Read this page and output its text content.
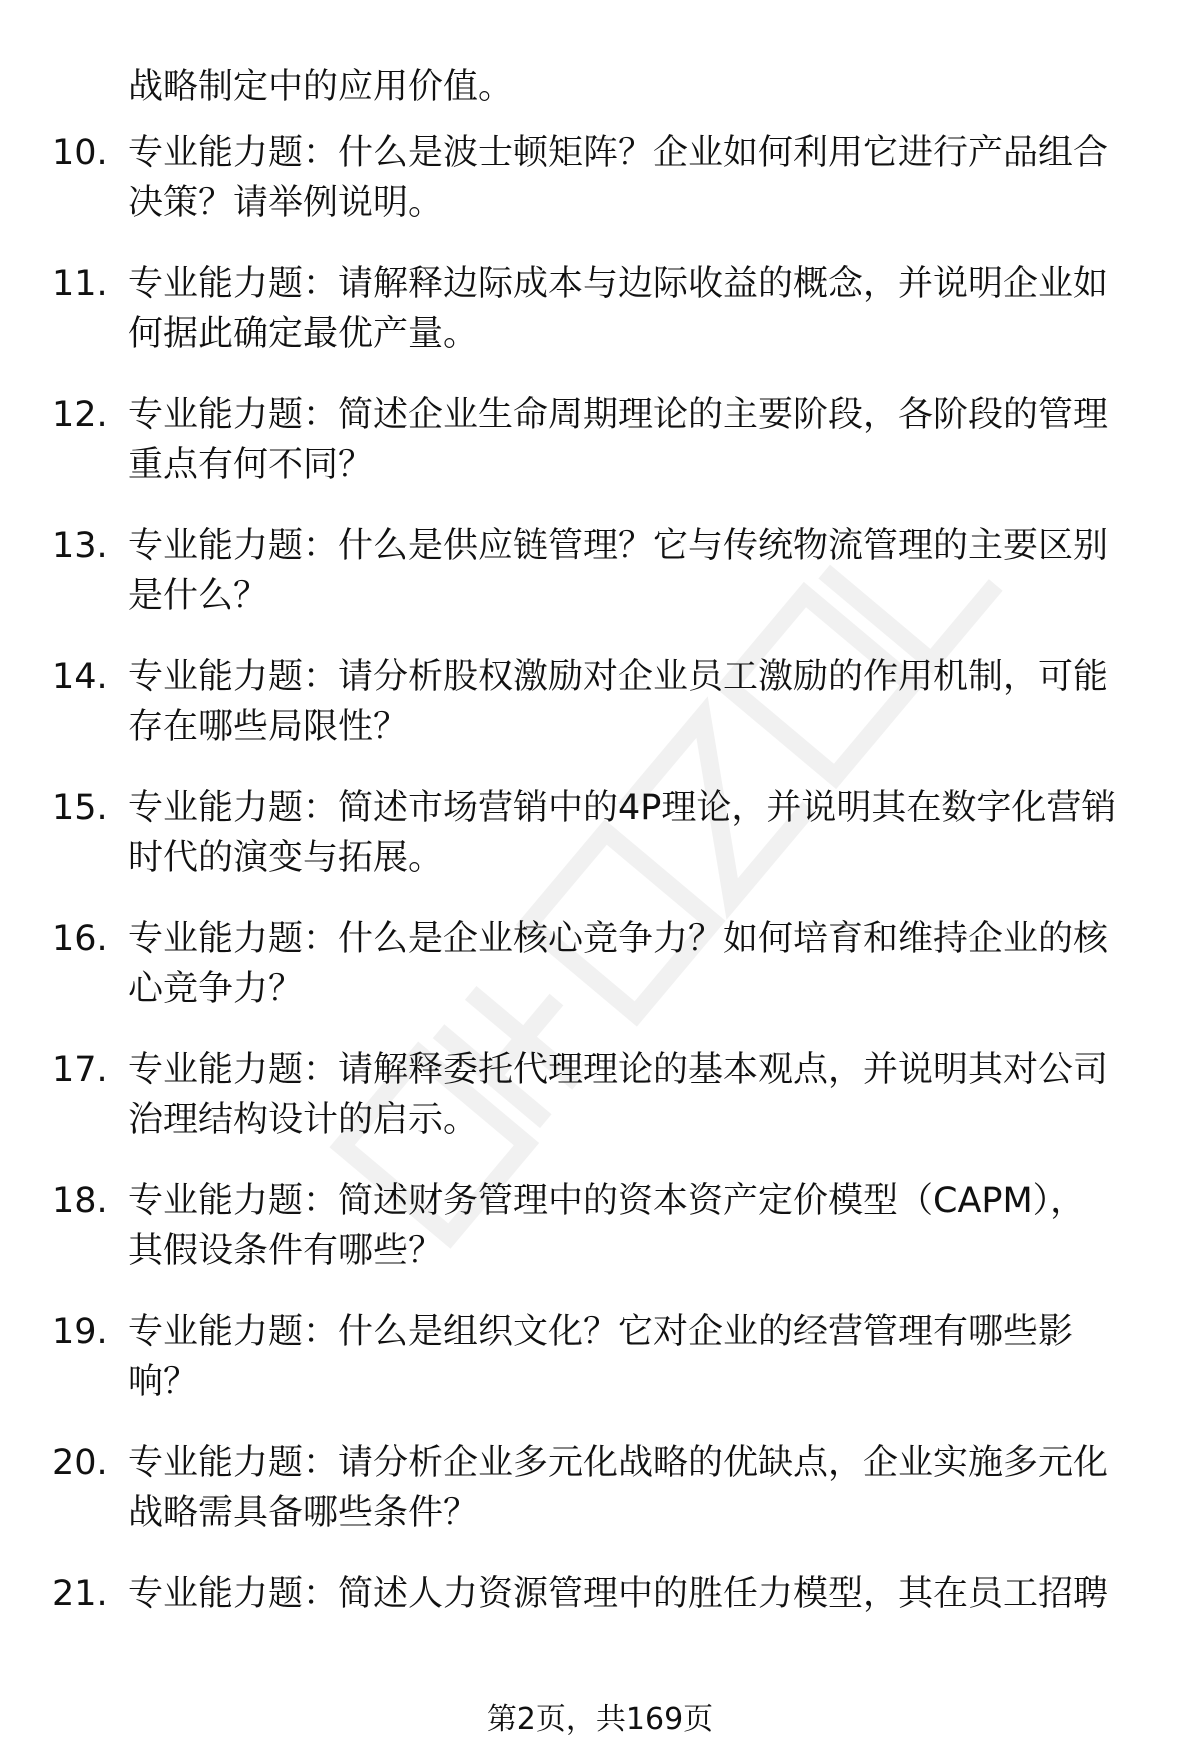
战略制定中的应用价值。
10. 专业能力题：什么是波士顿矩阵？企业如何利用它进行产品组合
决策？请举例说明。
11. 专业能力题：请解释边际成本与边际收益的概念，并说明企业如
何据此确定最优产量。
12. 专业能力题：简述企业生命周期理论的主要阶段，各阶段的管理
重点有何不同？
13. 专业能力题：什么是供应链管理？它与传统物流管理的主要区别
是什么？
14. 专业能力题：请分析股权激励对企业员工激励的作用机制，可能
存在哪些局限性？
15. 专业能力题：简述市场营销中的4P理论，并说明其在数字化营销
时代的演变与拓展。
16. 专业能力题：什么是企业核心竞争力？如何培育和维持企业的核
心竞争力？
17. 专业能力题：请解释委托代理理论的基本观点，并说明其对公司
治理结构设计的启示。
18. 专业能力题：简述财务管理中的资本资产定价模型（CAPM），
其假设条件有哪些？
19. 专业能力题：什么是组织文化？它对企业的经营管理有哪些影
响？
20. 专业能力题：请分析企业多元化战略的优缺点，企业实施多元化
战略需具备哪些条件？
21. 专业能力题：简述人力资源管理中的胜任力模型，其在员工招聘
第2页，共169页
